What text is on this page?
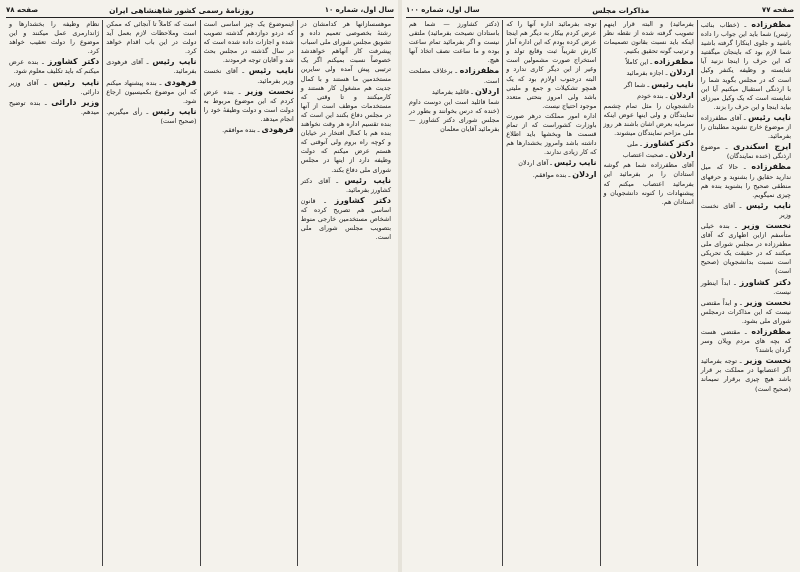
سال اول، شماره ۱۰
روزنامهٔ رسمی کشور شاهنشاهی ایران
صفحه ۷۸

موهسسازانها هر کدامشان در رشتهٔ بخصوصی تعمیم داده و تشویق مجلس شورای ملی اسباب پیشرفت کار آنهاهم خواهدشد خصوصاً نسبت بمیکنم اگر یک ترتیبی پیش آمده ولی سایرین مستخدمین ما هستند و با کمال جدیت هم مشغول کار هستند و کارمیکنند و تا وقتی که مستخدمات موظف است از آنها در مجلس دفاع بکنند این است که بنده تقسیم اداره هر وقت نخواهند بنده هم با کمال افتخار در خیابان و کوچه راه بروم ولی آنوقتی که هستم عرض میکنم که دولت وظیفه دارد از اینها در مجلس شورای ملی دفاع بکند.

نایب رئیس ـ آقای دکتر کشاورز بفرمائید.

دکتر کشاورز ـ قانون اساسی هم تصریح کرده که اشخاص مستخدمین خارجی منوط بتصویب مجلس شورای ملی است.

اینموضوع یک چیز اساسی است که دردو دوازدهم گذشته تصویب شده و اجازات داده شده است که در سال گذشته در مجلس بحث شد و آقایان توجه فرمودند.

نایب رئیس ـ آقای نخست وزیر بفرمائید.

نخست وزیر ـ بنده عرض کردم که این موضوع مربوط به دولت است و دولت وظیفهٔ خود را انجام میدهد.

فرهودی ـ بنده موافقم.

است که کاملاً تا آنجائی که ممکن است وملاحظات لازم بعمل آید دولت در این باب اقدام خواهد کرد.

نایب رئیس ـ آقای فرهودی بفرمائید.

فرهودی ـ بنده پیشنهاد میکنم که این موضوع بکمیسیون ارجاع شود.

نایب رئیس ـ رأی میگیریم. (صحیح است)

نظام وظیفه را بخشدارها و ژاندارمری عمل میکنند و این موضوع را دولت تعقیب خواهد کرد.

دکتر کشاورز ـ بنده عرض میکنم که باید تکلیف معلوم شود.

نایب رئیس ـ آقای وزیر دارائی.

وزیر دارائی ـ بنده توضیح میدهم.

صفحه ۷۷
مذاکرات مجلس
سال اول، شماره ۱۰۰

مظفرزاده ـ (خطاب بنائب رئیس) شما باید این جواب را داده باشید و جلوی اینکارا گرفته باشید شما لازم بود که باینجان میگفتید که این حرف را اینجا نزنید آیا شایسته و وظیفه یکنفر وکیل است که در مجلس بگوید شما را با ارذنگی استقبال میکنیم آیا این شایسته است که یک وکیل میرزای بیاید اینجا و این حرف را بزند.

نایب رئیس ـ آقای مظفرزاده از موضوع خارج نشوید مطلبتان را بفرمائید.

ایرج اسکندری ـ موضوع ارذنگی (خنده نمایندگان)

مظفرزاده ـ حالا که میل ندارید حقایق را بشنوید و حرفهای منطقی صحیح را بشنوید بنده هم چیزی نمیگویم.

نایب رئیس ـ آقای نخست وزیر

نخست وزیر ـ بنده خیلی متأسفم ازاین اظهاری که آقای مظفرزاده در مجلس شورای ملی میکنند که در حقیقت یک تحریکی است نسبت بدانشجویان (صحیح است)

دکتر کشاورز ـ ابداً اینطور نیست.

نخست وزیر ـ و ابداً مقتضی نیست که این مذاکرات درمجلس شورای ملی بشود.

مظفرزاده ـ مقتضی هست که بچه های مردم ویلان وسر گردان باشند؟

نخست وزیر ـ توجه بفرمائید اگر اعتصابها در مملکت بر قرار باشد هیچ چیزی برقرار نمیماند (صحیح است)

بفرمائید) و البته قرار اینهم تصویب گرفته شده از نقطه نظر اینکه باید نسبت بقانون تصمیمات و ترتیب گونه تحقیق بکنیم.

مظفرزاده ـ این کاملاً

اردلان ـ اجازه بفرمائید

نایب رئیس ـ شما اگر

اردلان ـ بنده خودم

دانشجویان را مثل تمام چشمم نمایندگان و ولی اینها عوض اینکه سرمایه بعرض اشان باشند هر روز ملی مزاحم نمایندگان میشوند.

دکتر کشاورز ـ ملی

اردلان ـ صحبت اعتصاب

آقای مظفرزاده شما هم گوشه استادان را بر بفرمائید این بفرمائید اعتصاب میکنم که پیشنهادات را کنونه دانشجویان و استادان هم.

توجه بفرمائید اداره آنها را که عرض کردم بیکار به دیگر هم اینجا عرض کرده بودم که این اداره آمار کارش تقریباً ثبت وقایع تولد و استخراج صورت مشمولین است وغیر از این دیگر کاری ندارد و البته درجنوب اولازم بود که یک همچو تشکیلات و جمع و ملیتی باشد ولی امروز بنحتی متعدد موجود احتیاج نیست.

اداره امور مملکت درهر صورت باوزارت کشوراست که از تمام قسمت ها وبخشها باید اطلاع داشته باشد وامروز بخشدارها هم که کار زیادی ندارند.

نایب رئیس ـ آقای اردلان

اردلان ـ بنده موافقم.

(دکتر کشاورز — شما هم باستادان نصیحت بفرمائید) ملتفی نیست و اگر بفرمائید تمام ساعت بوده و ما ساعت نصف اتخاذ آنها هیچ.

مظفرزاده ـ برخلاف مصلحت است.

اردلان ـ قائلید بفرمائید

شما قائلید است این دوست داوم (خنده که درس بخوانند و بطور در مجلس شورای دکتر کشاورز — بفرمائید آقایان معلمان
